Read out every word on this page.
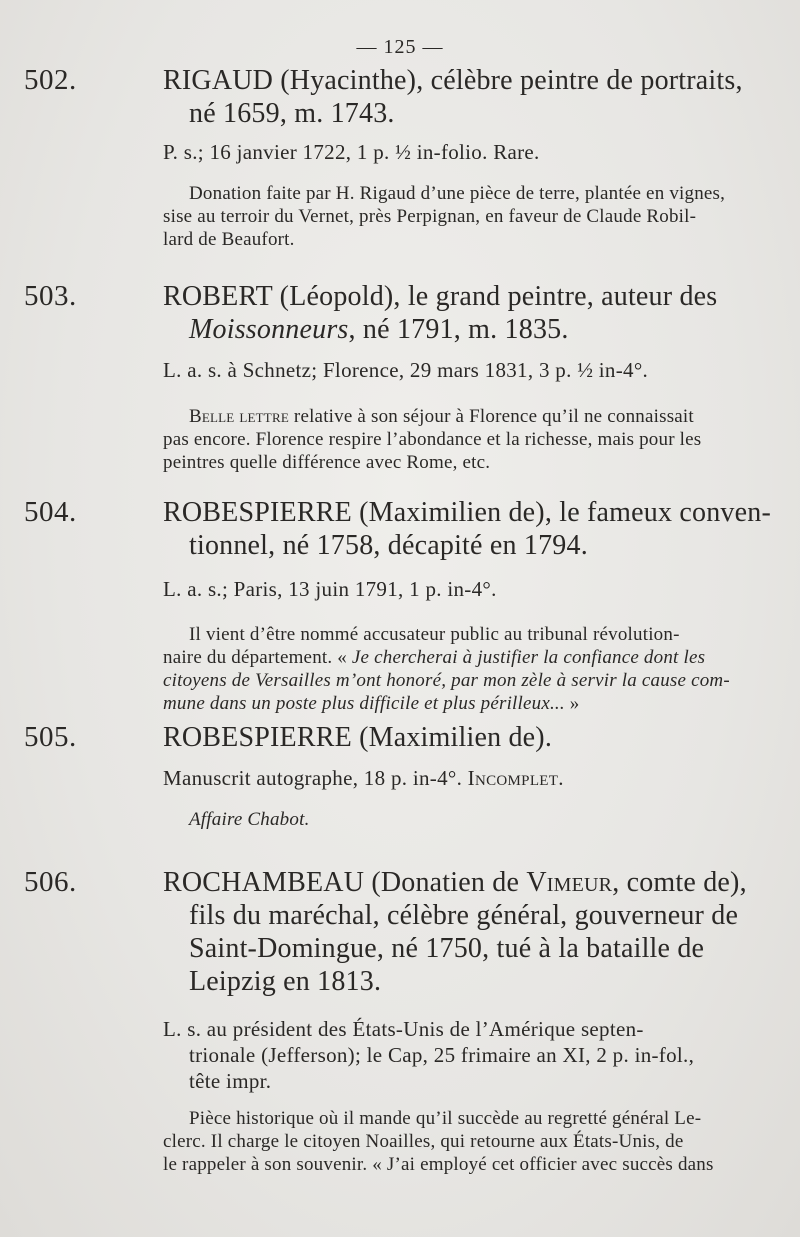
— 125 —
502.	RIGAUD (Hyacinthe), célèbre peintre de portraits,
né 1659, m. 1743.
P. s.; 16 janvier 1722, 1 p. ½ in-folio. Rare.
Donation faite par H. Rigaud d’une pièce de terre, plantée en vignes,
sise au terroir du Vernet, près Perpignan, en faveur de Claude Robil-
lard de Beaufort.
503.	ROBERT (Léopold), le grand peintre, auteur des
Moissonneurs, né 1791, m. 1835.
L. a. s. à Schnetz; Florence, 29 mars 1831, 3 p. ½ in-4°.
Belle lettre relative à son séjour à Florence qu’il ne connaissait
pas encore. Florence respire l’abondance et la richesse, mais pour les
peintres quelle différence avec Rome, etc.
504.	ROBESPIERRE (Maximilien de), le fameux conven-
tionnel, né 1758, décapité en 1794.
L. a. s.; Paris, 13 juin 1791, 1 p. in-4°.
Il vient d’être nommé accusateur public au tribunal révolution-
naire du département. « Je chercherai à justifier la confiance dont les
citoyens de Versailles m’ont honoré, par mon zèle à servir la cause com-
mune dans un poste plus difficile et plus périlleux... »
505.	ROBESPIERRE (Maximilien de).
Manuscrit autographe, 18 p. in-4°. Incomplet.
Affaire Chabot.
506.	ROCHAMBEAU (Donatien de Vimeur, comte de),
fils du maréchal, célèbre général, gouverneur de
Saint-Domingue, né 1750, tué à la bataille de
Leipzig en 1813.
L. s. au président des États-Unis de l’Amérique septen-
trionale (Jefferson); le Cap, 25 frimaire an XI, 2 p. in-fol.,
tête impr.
Pièce historique où il mande qu’il succède au regretté général Le-
clerc. Il charge le citoyen Noailles, qui retourne aux États-Unis, de
le rappeler à son souvenir. « J’ai employé cet officier avec succès dans
